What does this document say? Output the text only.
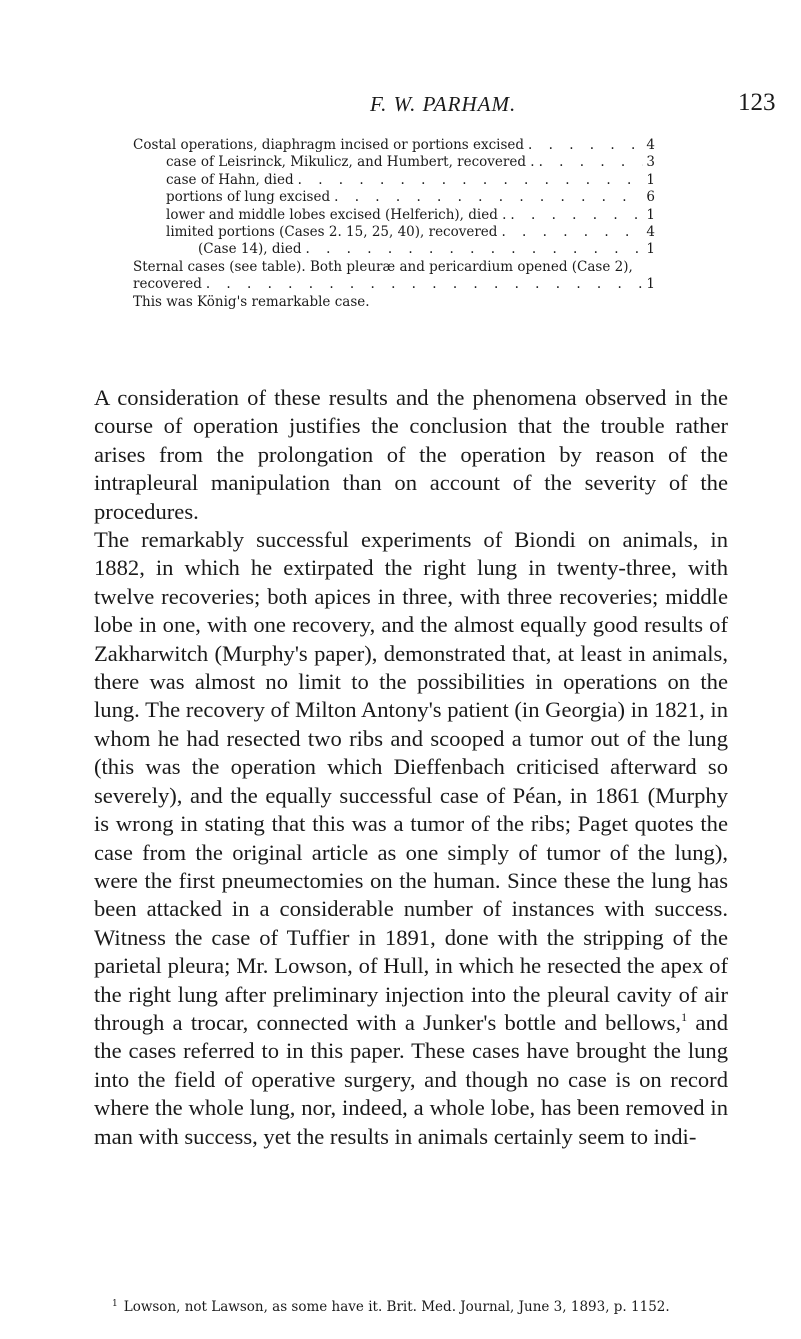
F. W. PARHAM.	123
Costal operations, diaphragm incised or portions excised . . .	4
case of Leisrinck, Mikulicz, and Humbert, recovered . . . .	3
case of Hahn, died . . .	1
portions of lung excised . . .	6
lower and middle lobes excised (Helferich), died . . . .	1
limited portions (Cases 2. 15, 25, 40), recovered . . .	4
(Case 14), died . . .	1
Sternal cases (see table). Both pleuræ and pericardium opened (Case 2),
recovered . . .	1
This was König's remarkable case.

A consideration of these results and the phenomena observed in the course of operation justifies the conclusion that the trouble rather arises from the prolongation of the operation by reason of the intrapleural manipulation than on account of the severity of the procedures.

The remarkably successful experiments of Biondi on animals, in 1882, in which he extirpated the right lung in twenty-three, with twelve recoveries; both apices in three, with three recoveries; middle lobe in one, with one recovery, and the almost equally good results of Zakharwitch (Murphy's paper), demonstrated that, at least in animals, there was almost no limit to the possibilities in operations on the lung. The recovery of Milton Antony's patient (in Georgia) in 1821, in whom he had resected two ribs and scooped a tumor out of the lung (this was the operation which Dieffenbach criticised afterward so severely), and the equally successful case of Péan, in 1861 (Murphy is wrong in stating that this was a tumor of the ribs; Paget quotes the case from the original article as one simply of tumor of the lung), were the first pneumectomies on the human. Since these the lung has been attacked in a considerable number of instances with success. Witness the case of Tuffier in 1891, done with the stripping of the parietal pleura; Mr. Lowson, of Hull, in which he resected the apex of the right lung after preliminary injection into the pleural cavity of air through a trocar, connected with a Junker's bottle and bellows,$^1$ and the cases referred to in this paper. These cases have brought the lung into the field of operative surgery, and though no case is on record where the whole lung, nor, indeed, a whole lobe, has been removed in man with success, yet the results in animals certainly seem to indi-

$^1$ Lowson, not Lawson, as some have it. Brit. Med. Journal, June 3, 1893, p. 1152.
